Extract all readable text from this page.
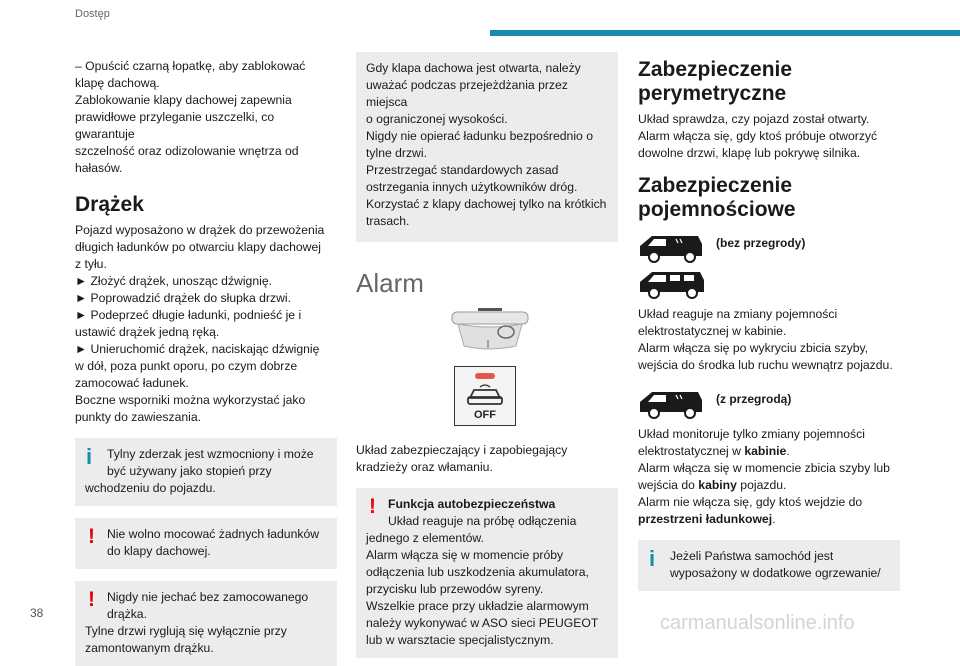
Dostęp

– Opuścić czarną łopatkę, aby zablokować

klapę dachową.

Zablokowanie klapy dachowej zapewnia

prawidłowe przyleganie uszczelki, co gwarantuje

szczelność oraz odizolowanie wnętrza od

hałasów.

Drążek

Pojazd wyposażono w drążek do przewożenia

długich ładunków po otwarciu klapy dachowej

z tyłu.

► Złożyć drążek, unosząc dźwignię.

► Poprowadzić drążek do słupka drzwi.

► Podeprzeć długie ładunki, podnieść je i

ustawić drążek jedną ręką.

► Unieruchomić drążek, naciskając dźwignię

w dół, poza punkt oporu, po czym dobrze

zamocować ładunek.

Boczne wsporniki można wykorzystać jako

punkty do zawieszania.

i	Tylny zderzak jest wzmocniony i może

być używany jako stopień przy

wchodzeniu do pojazdu.

! Nie wolno mocować żadnych ładunków

do klapy dachowej.

! Nigdy nie jechać bez zamocowanego

drążka.

Tylne drzwi ryglują się wyłącznie przy

zamontowanym drążku.

Gdy klapa dachowa jest otwarta, należy

uważać podczas przejeżdżania przez miejsca

o ograniczonej wysokości.

Nigdy nie opierać ładunku bezpośrednio o

tylne drzwi.

Przestrzegać standardowych zasad

ostrzegania innych użytkowników dróg.

Korzystać z klapy dachowej tylko na krótkich

trasach.

Alarm
OFF

Układ zabezpieczający i zapobiegający

kradzieży oraz włamaniu.

! Funkcja autobezpieczeństwa

Układ reaguje na próbę odłączenia

jednego z elementów.

Alarm włącza się w momencie próby

odłączenia lub uszkodzenia akumulatora,

przycisku lub przewodów syreny.

Wszelkie prace przy układzie alarmowym

należy wykonywać w ASO sieci PEUGEOT

lub w warsztacie specjalistycznym.

Zabezpieczenie
perymetryczne

Układ sprawdza, czy pojazd został otwarty.

Alarm włącza się, gdy ktoś próbuje otworzyć

dowolne drzwi, klapę lub pokrywę silnika.

Zabezpieczenie
pojemnościowe
(bez przegrody)

Układ reaguje na zmiany pojemności

elektrostatycznej w kabinie.

Alarm włącza się po wykryciu zbicia szyby,

wejścia do środka lub ruchu wewnątrz pojazdu.

(z przegrodą)

Układ monitoruje tylko zmiany pojemności

elektrostatycznej w kabinie.

Alarm włącza się w momencie zbicia szyby lub

wejścia do kabiny pojazdu.

Alarm nie włącza się, gdy ktoś wejdzie do

przestrzeni ładunkowej.

i	Jeżeli Państwa samochód jest

wyposażony w dodatkowe ogrzewanie/

38	carmanualsonline.info
